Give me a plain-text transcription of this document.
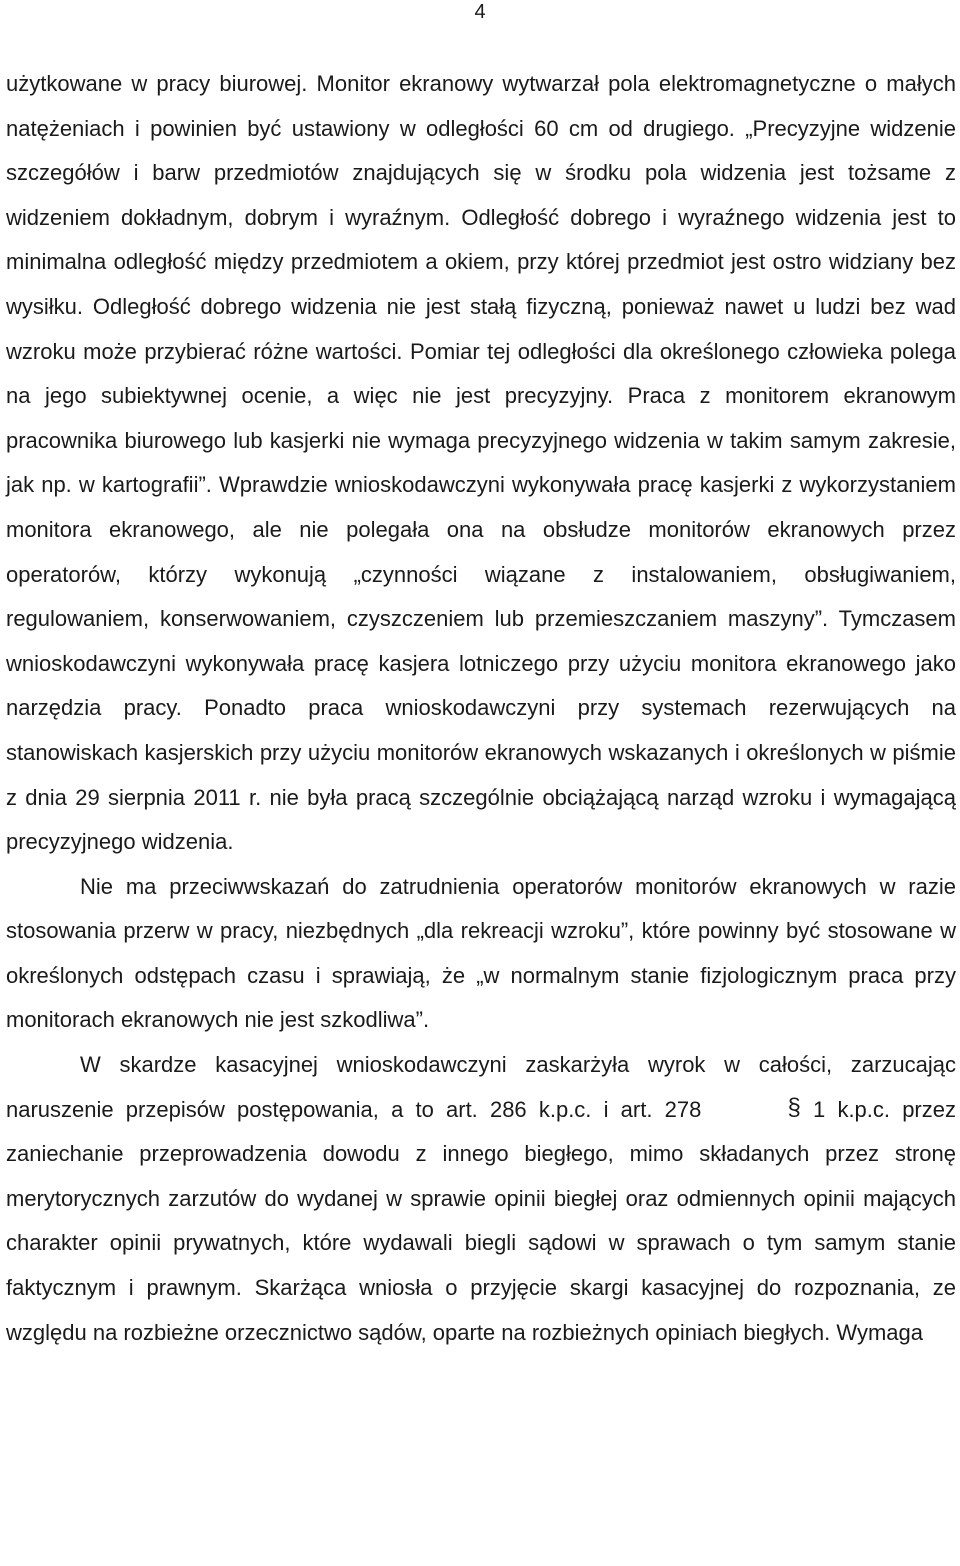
4

użytkowane w pracy biurowej. Monitor ekranowy wytwarzał pola elektromagnetyczne o małych natężeniach i powinien być ustawiony w odległości 60 cm od drugiego. „Precyzyjne widzenie szczegółów i barw przedmiotów znajdujących się w środku pola widzenia jest tożsame z widzeniem dokładnym, dobrym i wyraźnym. Odległość dobrego i wyraźnego widzenia jest to minimalna odległość między przedmiotem a okiem, przy której przedmiot jest ostro widziany bez wysiłku. Odległość dobrego widzenia nie jest stałą fizyczną, ponieważ nawet u ludzi bez wad wzroku może przybierać różne wartości. Pomiar tej odległości dla określonego człowieka polega na jego subiektywnej ocenie, a więc nie jest precyzyjny. Praca z monitorem ekranowym pracownika biurowego lub kasjerki nie wymaga precyzyjnego widzenia w takim samym zakresie, jak np. w kartografii”. Wprawdzie wnioskodawczyni wykonywała pracę kasjerki z wykorzystaniem monitora ekranowego, ale nie polegała ona na obsłudze monitorów ekranowych przez operatorów, którzy wykonują „czynności wiązane z instalowaniem, obsługiwaniem, regulowaniem, konserwowaniem, czyszczeniem lub przemieszczaniem maszyny”. Tymczasem wnioskodawczyni wykonywała pracę kasjera lotniczego przy użyciu monitora ekranowego jako narzędzia pracy. Ponadto praca wnioskodawczyni przy systemach rezerwujących na stanowiskach kasjerskich przy użyciu monitorów ekranowych wskazanych i określonych w piśmie z dnia 29 sierpnia 2011 r. nie była pracą szczególnie obciążającą narząd wzroku i wymagającą precyzyjnego widzenia.

Nie ma przeciwwskazań do zatrudnienia operatorów monitorów ekranowych w razie stosowania przerw w pracy, niezbędnych „dla rekreacji wzroku”, które powinny być stosowane w określonych odstępach czasu i sprawiają, że „w normalnym stanie fizjologicznym praca przy monitorach ekranowych nie jest szkodliwa”.

W skardze kasacyjnej wnioskodawczyni zaskarżyła wyrok w całości, zarzucając naruszenie przepisów postępowania, a to art. 286 k.p.c. i art. 278	§ 1 k.p.c. przez zaniechanie przeprowadzenia dowodu z innego biegłego, mimo składanych przez stronę merytorycznych zarzutów do wydanej w sprawie opinii biegłej oraz odmiennych opinii mających charakter opinii prywatnych, które wydawali biegli sądowi w sprawach o tym samym stanie faktycznym i prawnym. Skarżąca wniosła o przyjęcie skargi kasacyjnej do rozpoznania, ze względu na rozbieżne orzecznictwo sądów, oparte na rozbieżnych opiniach biegłych. Wymaga
